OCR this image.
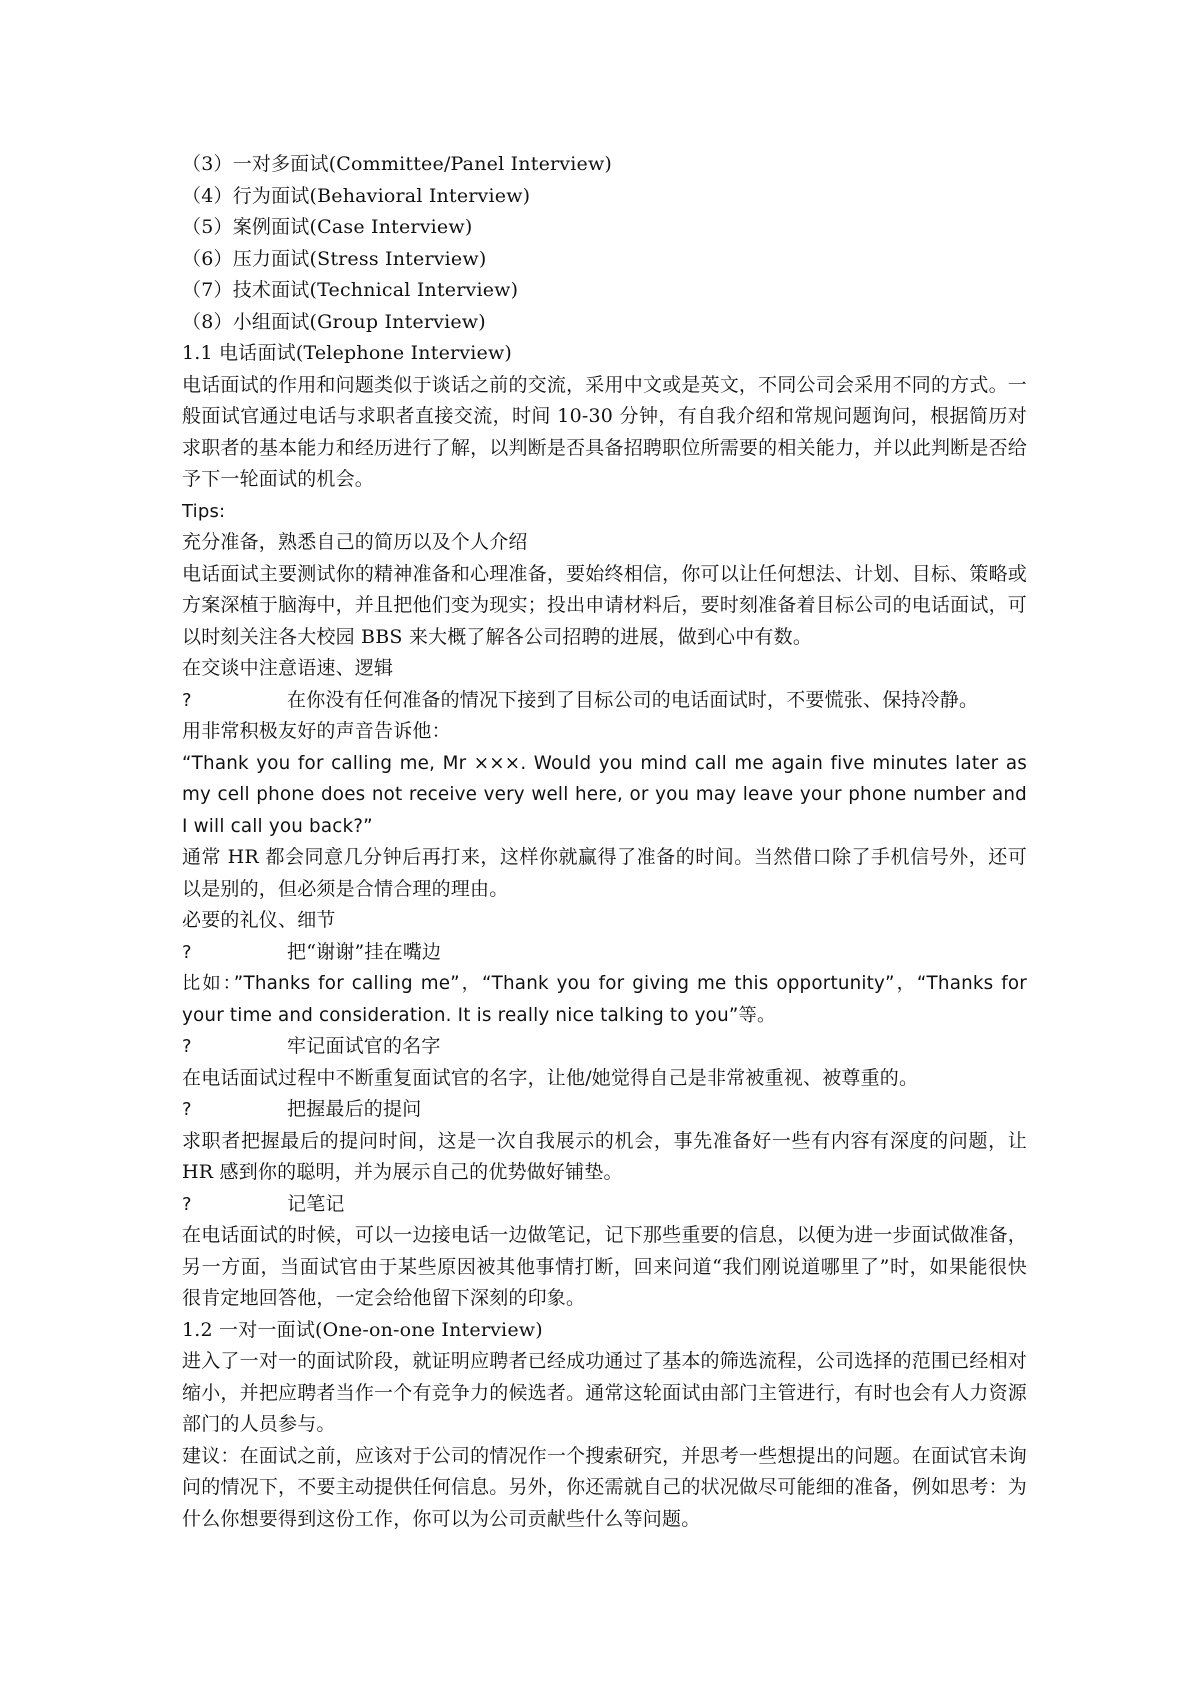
（3）一对多面试(Committee/Panel Interview)
（4）行为面试(Behavioral Interview)
（5）案例面试(Case Interview)
（6）压力面试(Stress Interview)
（7）技术面试(Technical Interview)
（8）小组面试(Group Interview)
1.1 电话面试(Telephone Interview)
电话面试的作用和问题类似于谈话之前的交流，采用中文或是英文，不同公司会采用不同的方式。一般面试官通过电话与求职者直接交流，时间 10-30 分钟，有自我介绍和常规问题询问，根据简历对求职者的基本能力和经历进行了解，以判断是否具备招聘职位所需要的相关能力，并以此判断是否给予下一轮面试的机会。
Tips:
充分准备，熟悉自己的简历以及个人介绍
电话面试主要测试你的精神准备和心理准备，要始终相信，你可以让任何想法、计划、目标、策略或方案深植于脑海中，并且把他们变为现实；投出申请材料后，要时刻准备着目标公司的电话面试，可以时刻关注各大校园 BBS 来大概了解各公司招聘的进展，做到心中有数。
在交谈中注意语速、逻辑
?	在你没有任何准备的情况下接到了目标公司的电话面试时，不要慌张、保持冷静。
用非常积极友好的声音告诉他：
“Thank you for calling me, Mr ×××. Would you mind call me again five minutes later as my cell phone does not receive very well here, or you may leave your phone number and I will call you back?”
通常 HR 都会同意几分钟后再打来，这样你就赢得了准备的时间。当然借口除了手机信号外，还可以是别的，但必须是合情合理的理由。
必要的礼仪、细节
?	把“谢谢”挂在嘴边
比如：”Thanks for calling me”，“Thank you for giving me this opportunity”，“Thanks for your time and consideration. It is really nice talking to you”等。
?	牢记面试官的名字
在电话面试过程中不断重复面试官的名字，让他/她觉得自己是非常被重视、被尊重的。
?	把握最后的提问
求职者把握最后的提问时间，这是一次自我展示的机会，事先准备好一些有内容有深度的问题，让 HR 感到你的聪明，并为展示自己的优势做好铺垫。
?	记笔记
在电话面试的时候，可以一边接电话一边做笔记，记下那些重要的信息，以便为进一步面试做准备，另一方面，当面试官由于某些原因被其他事情打断，回来问道“我们刚说道哪里了”时，如果能很快很肯定地回答他，一定会给他留下深刻的印象。
1.2 一对一面试(One-on-one Interview)
进入了一对一的面试阶段，就证明应聘者已经成功通过了基本的筛选流程，公司选择的范围已经相对缩小，并把应聘者当作一个有竞争力的候选者。通常这轮面试由部门主管进行，有时也会有人力资源部门的人员参与。
建议：在面试之前，应该对于公司的情况作一个搜索研究，并思考一些想提出的问题。在面试官未询问的情况下，不要主动提供任何信息。另外，你还需就自己的状况做尽可能细的准备，例如思考：为什么你想要得到这份工作，你可以为公司贡献些什么等问题。
